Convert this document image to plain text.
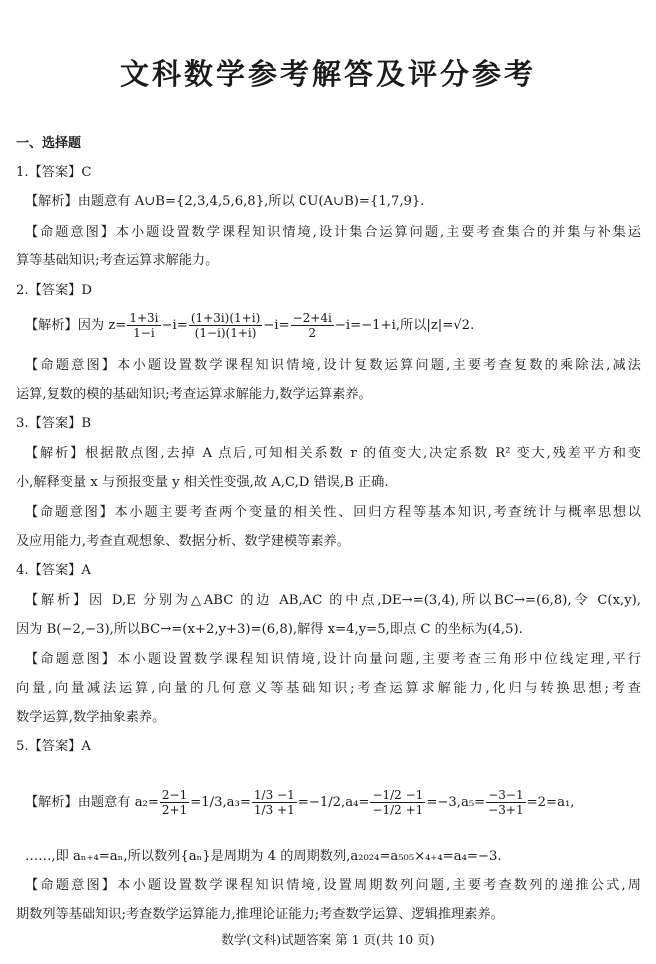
文科数学参考解答及评分参考
一、选择题
1.【答案】C
【解析】由题意有 A∪B={2,3,4,5,6,8},所以 ∁U(A∪B)={1,7,9}.
【命题意图】本小题设置数学课程知识情境,设计集合运算问题,主要考查集合的并集与补集运
算等基础知识;考查运算求解能力。
2.【答案】D
【解析】因为 $z= \frac{1+3i}{1-i} -i= \frac{(1+3i)(1+i)}{(1-i)(1+i)} -i= \frac{-2+4i}{2} -i=-1+i$,所以|z|=√2.
【命题意图】本小题设置数学课程知识情境,设计复数运算问题,主要考查复数的乘除法,减法
运算,复数的模的基础知识;考查运算求解能力,数学运算素养。
3.【答案】B
【解析】根据散点图,去掉 A 点后,可知相关系数 r 的值变大,决定系数 R² 变大,残差平方和变
小,解释变量 x 与预报变量 y 相关性变强,故 A,C,D 错误,B 正确.
【命题意图】本小题主要考查两个变量的相关性、回归方程等基本知识,考查统计与概率思想以
及应用能力,考查直观想象、数据分析、数学建模等素养。
4.【答案】A
【解析】因 D,E 分别为△ABC 的边 AB,AC 的中点,DE→=(3,4),所以BC→=(6,8),令 C(x,y),
因为 B(−2,−3),所以BC→=(x+2,y+3)=(6,8),解得 x=4,y=5,即点 C 的坐标为(4,5).
【命题意图】本小题设置数学课程知识情境,设计向量问题,主要考查三角形中位线定理,平行
向量,向量减法运算,向量的几何意义等基础知识;考查运算求解能力,化归与转换思想;考查
数学运算,数学抽象素养。
5.【答案】A
【解析】由题意有 $a_2= \frac{2-1}{2+1} =1/3,a_3= \frac{1/3 -1}{1/3 +1} =-1/2,a_4= \frac{-1/2 -1}{-1/2 +1} =-3,a_5= \frac{-3-1}{-3+1} =2=a_1$,
……,即 aₙ₊₄=aₙ,所以数列{aₙ}是周期为 4 的周期数列,a₂₀₂₄=a₅₀₅×₄₊₄=a₄=−3.
【命题意图】本小题设置数学课程知识情境,设置周期数列问题,主要考查数列的递推公式,周
期数列等基础知识;考查数学运算能力,推理论证能力;考查数学运算、逻辑推理素养。
数学(文科)试题答案 第 1 页(共 10 页)
